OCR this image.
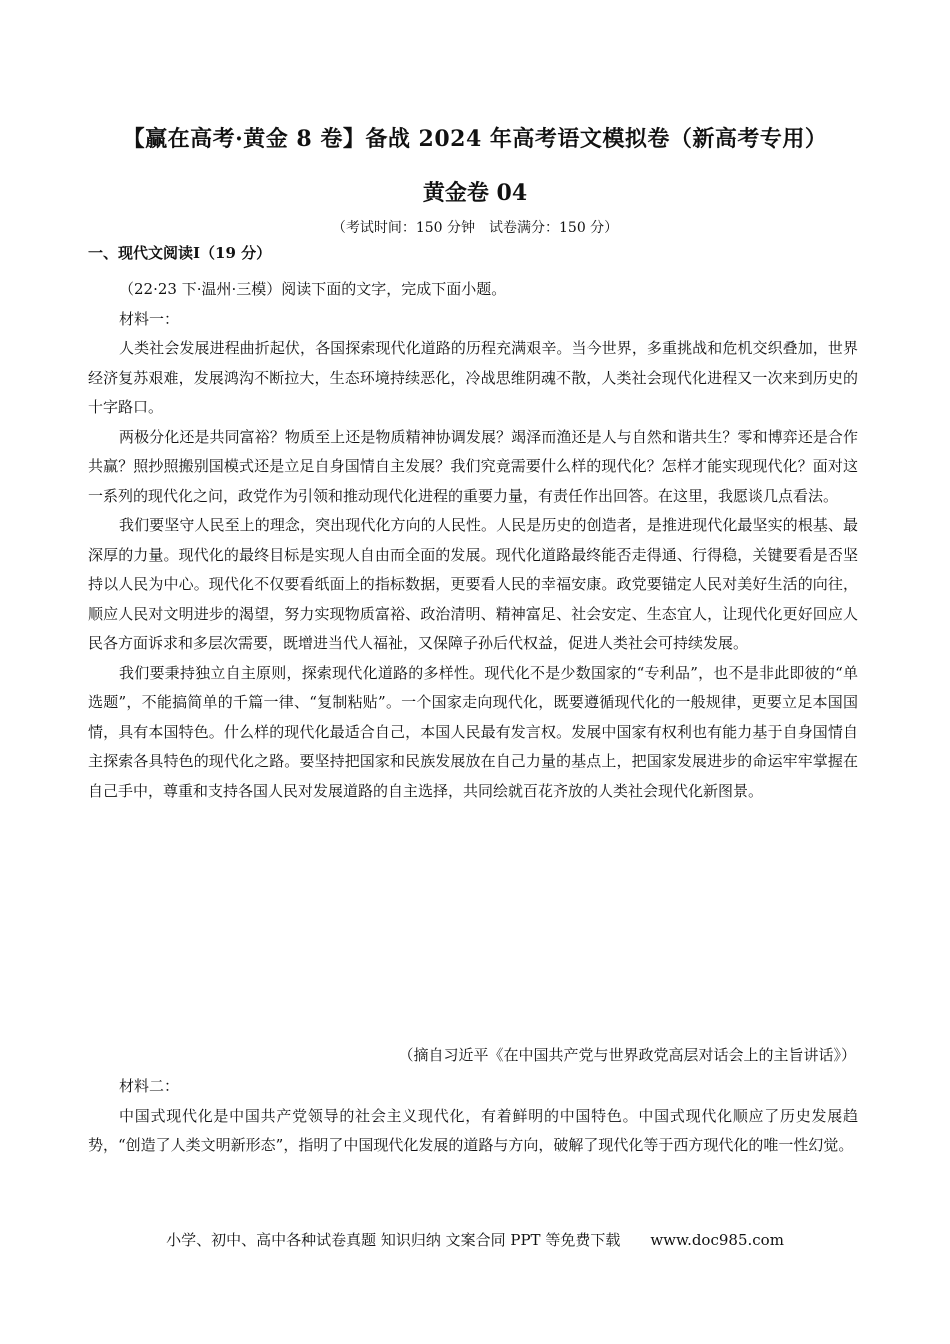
【赢在高考·黄金 8 卷】备战 2024 年高考语文模拟卷（新高考专用）
黄金卷 04
（考试时间：150 分钟　试卷满分：150 分）
一、现代文阅读Ⅰ（19 分）

（22·23 下·温州·三模）阅读下面的文字，完成下面小题。

材料一：

人类社会发展进程曲折起伏，各国探索现代化道路的历程充满艰辛。当今世界，多重挑战和危机交织叠加，世界经济复苏艰难，发展鸿沟不断拉大，生态环境持续恶化，冷战思维阴魂不散，人类社会现代化进程又一次来到历史的十字路口。

两极分化还是共同富裕？物质至上还是物质精神协调发展？竭泽而渔还是人与自然和谐共生？零和博弈还是合作共赢？照抄照搬别国模式还是立足自身国情自主发展？我们究竟需要什么样的现代化？怎样才能实现现代化？面对这一系列的现代化之问，政党作为引领和推动现代化进程的重要力量，有责任作出回答。在这里，我愿谈几点看法。

我们要坚守人民至上的理念，突出现代化方向的人民性。人民是历史的创造者，是推进现代化最坚实的根基、最深厚的力量。现代化的最终目标是实现人自由而全面的发展。现代化道路最终能否走得通、行得稳，关键要看是否坚持以人民为中心。现代化不仅要看纸面上的指标数据，更要看人民的幸福安康。政党要锚定人民对美好生活的向往，顺应人民对文明进步的渴望，努力实现物质富裕、政治清明、精神富足、社会安定、生态宜人，让现代化更好回应人民各方面诉求和多层次需要，既增进当代人福祉，又保障子孙后代权益，促进人类社会可持续发展。

我们要秉持独立自主原则，探索现代化道路的多样性。现代化不是少数国家的“专利品”，也不是非此即彼的“单选题”，不能搞简单的千篇一律、“复制粘贴”。一个国家走向现代化，既要遵循现代化的一般规律，更要立足本国国情，具有本国特色。什么样的现代化最适合自己，本国人民最有发言权。发展中国家有权利也有能力基于自身国情自主探索各具特色的现代化之路。要坚持把国家和民族发展放在自己力量的基点上，把国家发展进步的命运牢牢掌握在自己手中，尊重和支持各国人民对发展道路的自主选择，共同绘就百花齐放的人类社会现代化新图景。

（摘自习近平《在中国共产党与世界政党高层对话会上的主旨讲话》）

材料二：

中国式现代化是中国共产党领导的社会主义现代化，有着鲜明的中国特色。中国式现代化顺应了历史发展趋势，“创造了人类文明新形态”，指明了中国现代化发展的道路与方向，破解了现代化等于西方现代化的唯一性幻觉。

小学、初中、高中各种试卷真题 知识归纳 文案合同 PPT 等免费下载　　www.doc985.com
